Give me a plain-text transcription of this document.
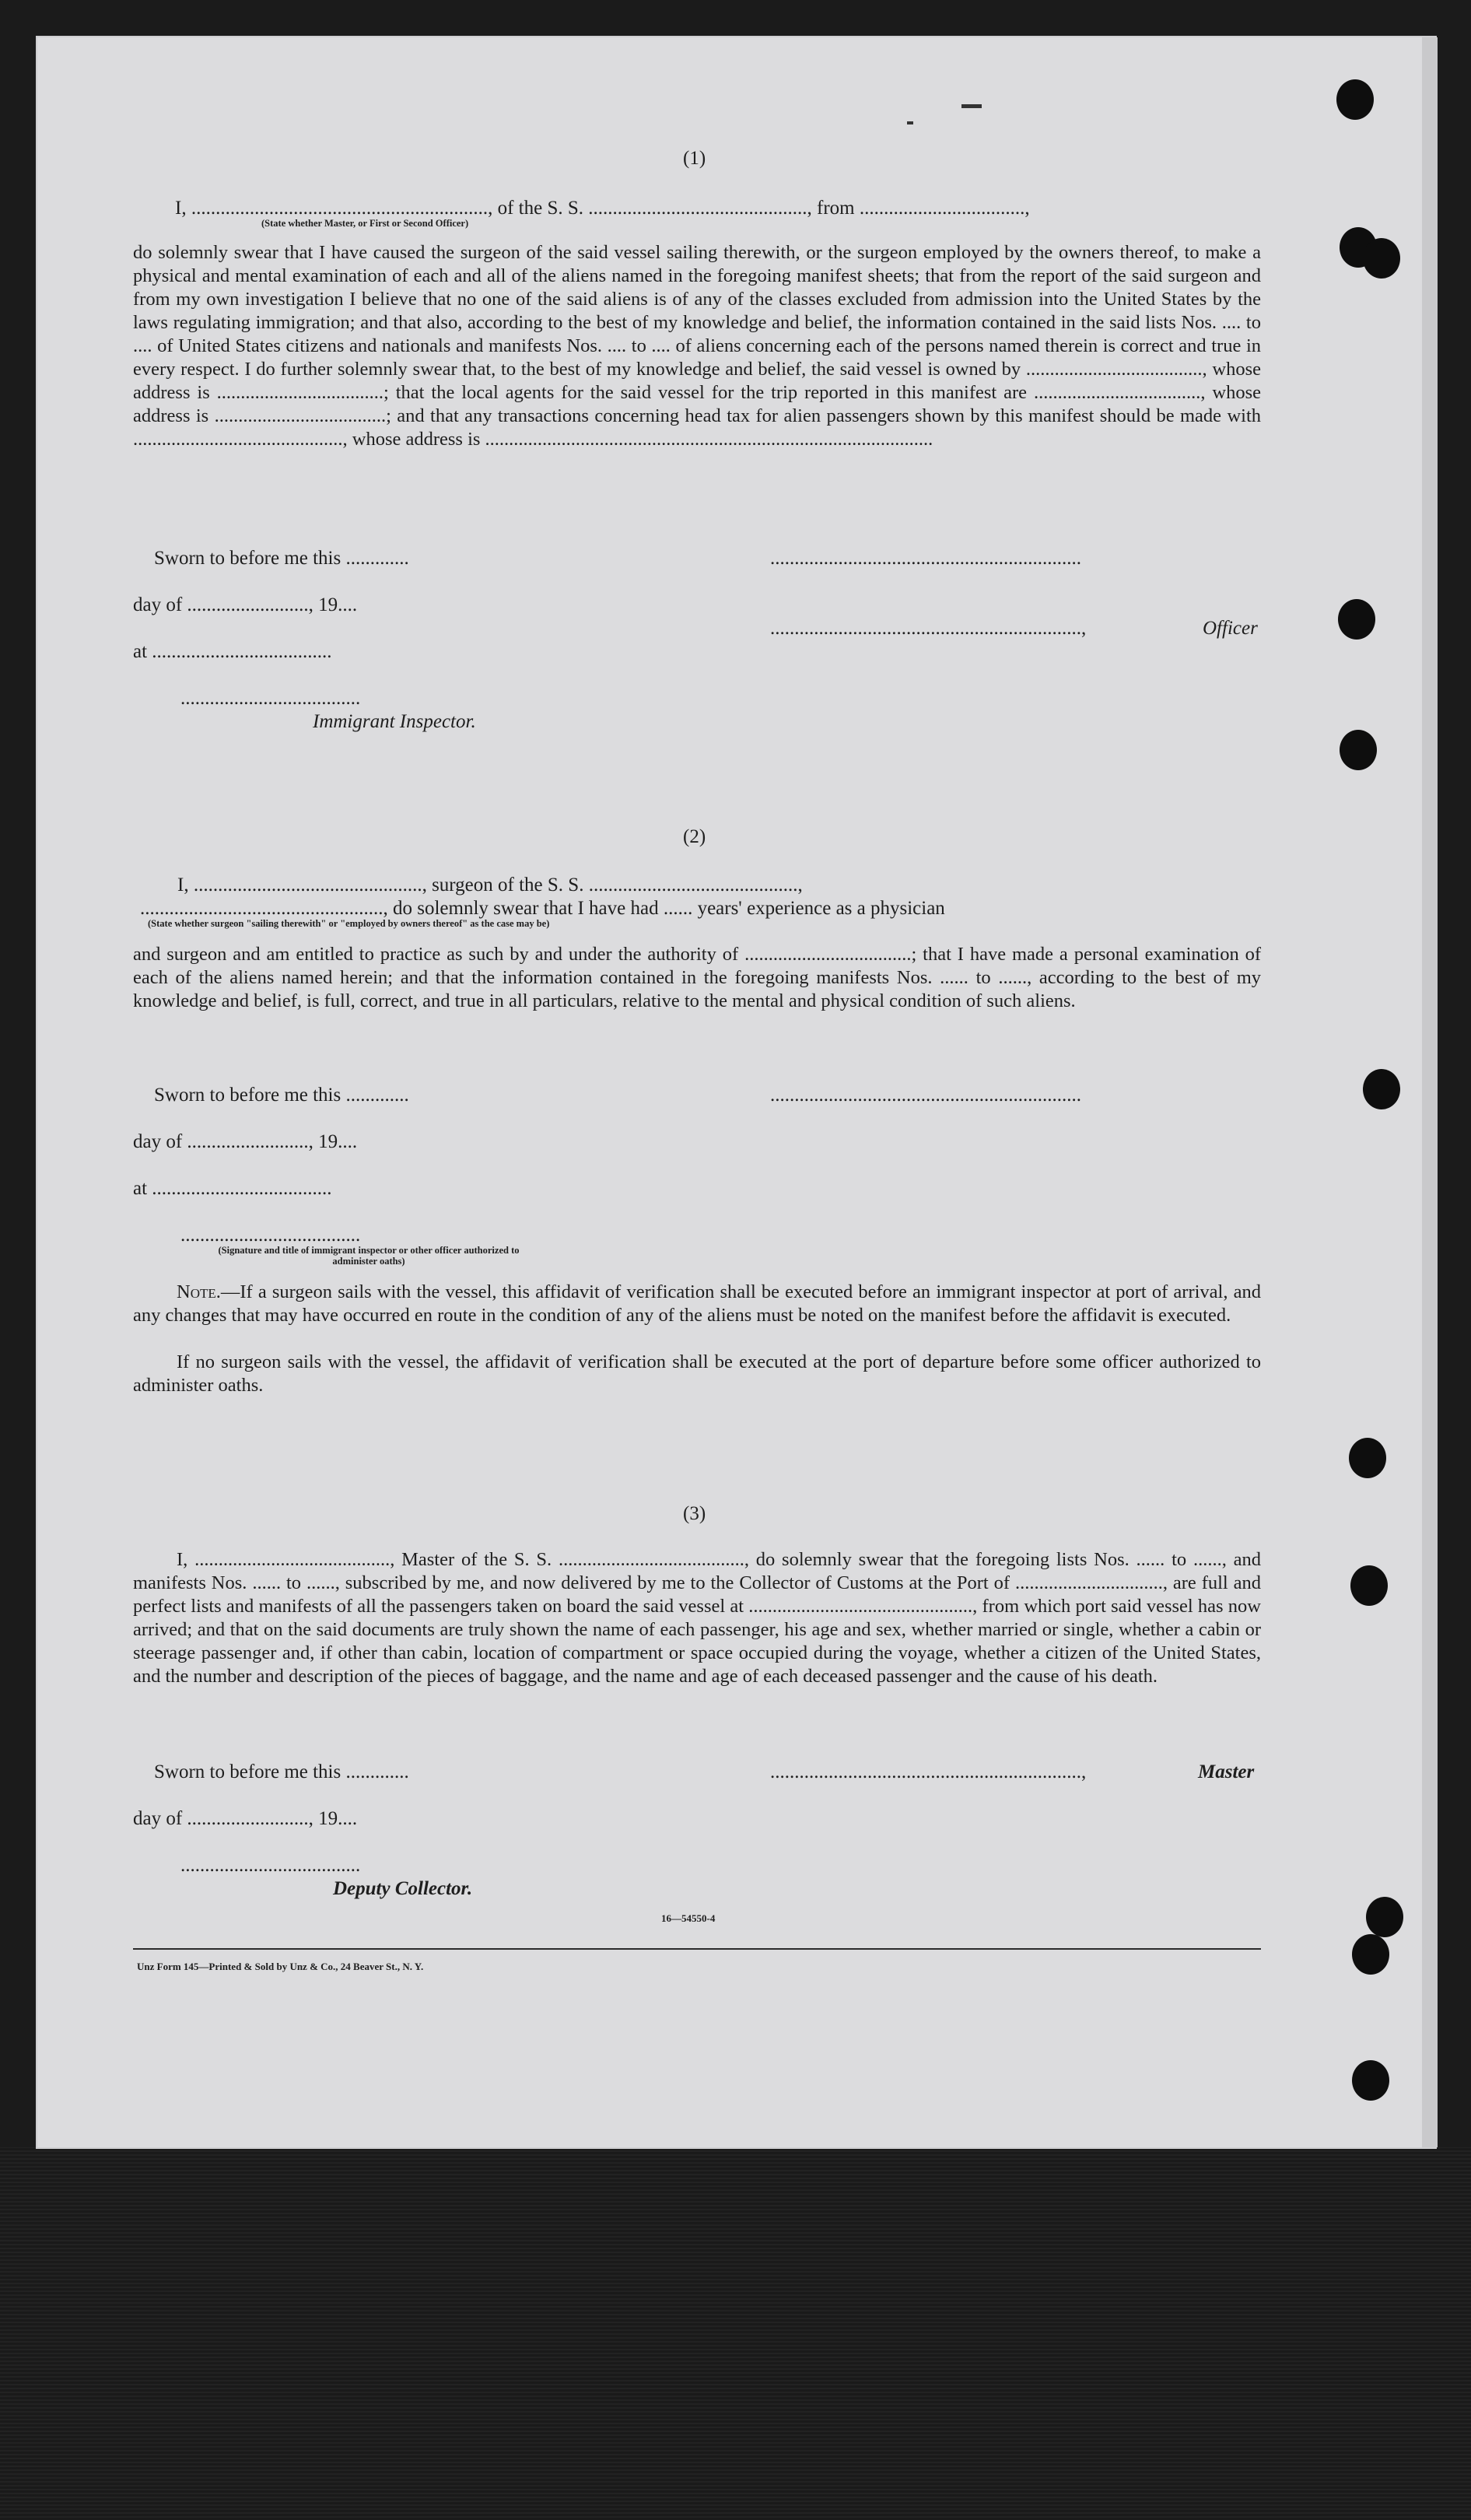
(1)
I, ............................................................., of the S. S. ............................................., from ..................................,
(State whether Master, or First or Second Officer)
do solemnly swear that I have caused the surgeon of the said vessel sailing therewith, or the surgeon employed by the owners thereof, to make a physical and mental examination of each and all of the aliens named in the foregoing manifest sheets; that from the report of the said surgeon and from my own investigation I believe that no one of the said aliens is of any of the classes excluded from admission into the United States by the laws regulating immigration; and that also, according to the best of my knowledge and belief, the information contained in the said lists Nos. .... to .... of United States citizens and nationals and manifests Nos. .... to .... of aliens concerning each of the persons named therein is correct and true in every respect. I do further solemnly swear that, to the best of my knowledge and belief, the said vessel is owned by ....................................., whose address is ...................................; that the local agents for the said vessel for the trip reported in this manifest are ..................................., whose address is ....................................; and that any transactions concerning head tax for alien passengers shown by this manifest should be made with ............................................, whose address is ..............................................................................................
Sworn to before me this .............	................................................................
day of ........................., 19....
................................................................,	Officer
at .....................................
.....................................
Immigrant Inspector.
(2)
I, ..............................................., surgeon of the S. S. ...........................................,
.................................................., do solemnly swear that I have had ...... years' experience as a physician
(State whether surgeon "sailing therewith" or "employed by owners thereof" as the case may be)
and surgeon and am entitled to practice as such by and under the authority of ...................................; that I have made a personal examination of each of the aliens named herein; and that the information contained in the foregoing manifests Nos. ...... to ......, according to the best of my knowledge and belief, is full, correct, and true in all particulars, relative to the mental and physical condition of such aliens.
Sworn to before me this .............	................................................................
day of ........................., 19....
at .....................................
.....................................
(Signature and title of immigrant inspector or other officer authorized to administer oaths)
Note.—If a surgeon sails with the vessel, this affidavit of verification shall be executed before an immigrant inspector at port of arrival, and any changes that may have occurred en route in the condition of any of the aliens must be noted on the manifest before the affidavit is executed.
If no surgeon sails with the vessel, the affidavit of verification shall be executed at the port of departure before some officer authorized to administer oaths.
(3)
I, ........................................., Master of the S. S. ......................................., do solemnly swear that the foregoing lists Nos. ...... to ......, and manifests Nos. ...... to ......, subscribed by me, and now delivered by me to the Collector of Customs at the Port of ..............................., are full and perfect lists and manifests of all the passengers taken on board the said vessel at ..............................................., from which port said vessel has now arrived; and that on the said documents are truly shown the name of each passenger, his age and sex, whether married or single, whether a cabin or steerage passenger and, if other than cabin, location of compartment or space occupied during the voyage, whether a citizen of the United States, and the number and description of the pieces of baggage, and the name and age of each deceased passenger and the cause of his death.
Sworn to before me this .............	................................................................,	Master
day of ........................., 19....
.....................................
Deputy Collector.
16—54550-4
Unz Form 145—Printed & Sold by Unz & Co., 24 Beaver St., N. Y.
